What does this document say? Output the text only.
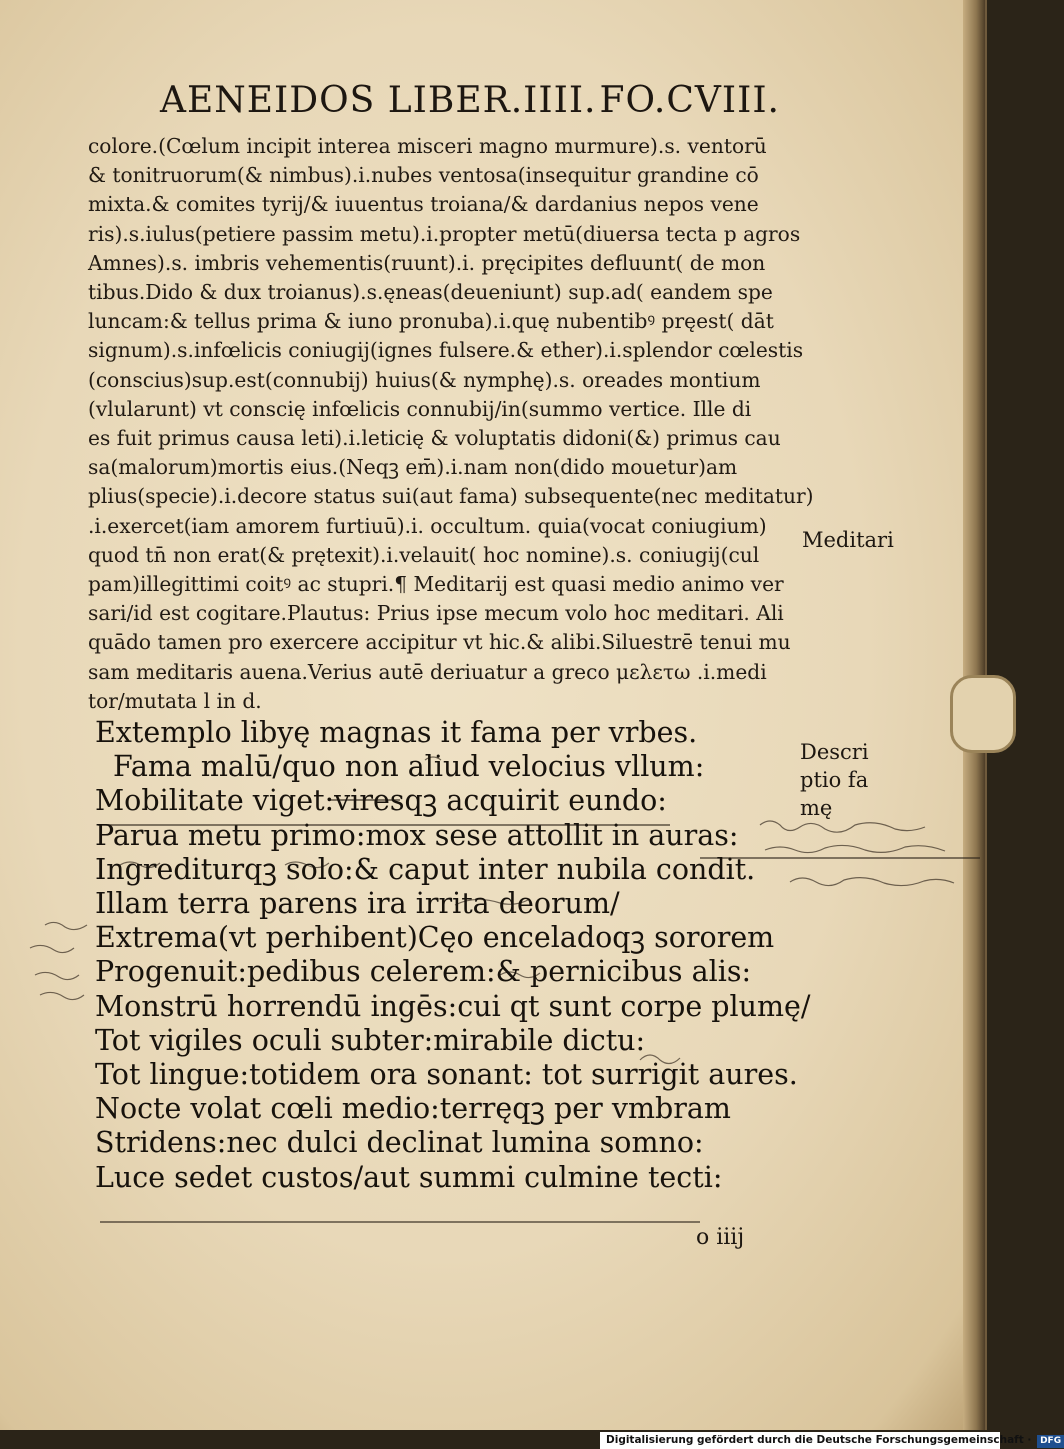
AENEIDOS LIBER.IIII. FO.CVIII.
colore.(Cœlum incipit interea misceri magno murmure).s. ventorū
& tonitruorum(& nimbus).i.nubes ventosa(insequitur grandine cō
mixta.& comites tyrij/& iuuentus troiana/& dardanius nepos vene
ris).s.iulus(petiere passim metu).i.propter metū(diuersa tecta p agros
Amnes).s. imbris vehementis(ruunt).i. pręcipites defluunt( de mon
tibus.Dido & dux troianus).s.ęneas(deueniunt) sup.ad( eandem spe
luncam:& tellus prima & iuno pronuba).i.quę nubentibꝰ pręest( dāt
signum).s.infœlicis coniugij(ignes fulsere.& ether).i.splendor cœlestis
(conscius)sup.est(connubij) huius(& nymphę).s. oreades montium
(vlularunt) vt conscię infœlicis connubij/in(summo vertice. Ille di
es fuit primus causa leti).i.leticię & voluptatis didoni(&) primus cau
sa(malorum)mortis eius.(Neqꝫ em̄).i.nam non(dido mouetur)am
plius(specie).i.decore status sui(aut fama) subsequente(nec meditatur)
.i.exercet(iam amorem furtiuū).i. occultum. quia(vocat coniugium)
quod tn̄ non erat(& prętexit).i.velauit( hoc nomine).s. coniugij(cul
pam)illegittimi coitꝰ ac stupri.¶ Meditarij est quasi medio animo ver
sari/id est cogitare.Plautus: Prius ipse mecum volo hoc meditari. Ali
quādo tamen pro exercere accipitur vt hic.& alibi.Siluestrē tenui mu
sam meditaris auena.Verius autē deriuatur a greco μελετω .i.medi
tor/mutata l in d.
Meditari
Descri
ptio fa
mę
Extemplo libyę magnas it fama per vrbes.
Fama malū/quo non aliud velocius vllum:
Mobilitate viget:viresqꝫ acquirit eundo:
Parua metu primo:mox sese attollit in auras:
Ingrediturqꝫ solo:& caput inter nubila condit.
Illam terra parens ira irrita deorum/
Extrema(vt perhibent)Cęo enceladoqꝫ sororem
Progenuit:pedibus celerem:& pernicibus alis:
Monstrū horrendū ingēs:cui qt sunt corpe plumę/
Tot vigiles oculi subter:mirabile dictu:
Tot lingue:totidem ora sonant: tot surrigit aures.
Nocte volat cœli medio:terręqꝫ per vmbram
Stridens:nec dulci declinat lumina somno:
Luce sedet custos/aut summi culmine tecti:
o iiij
Digitalisierung gefördert durch die Deutsche Forschungsgemeinschaft · DFG
